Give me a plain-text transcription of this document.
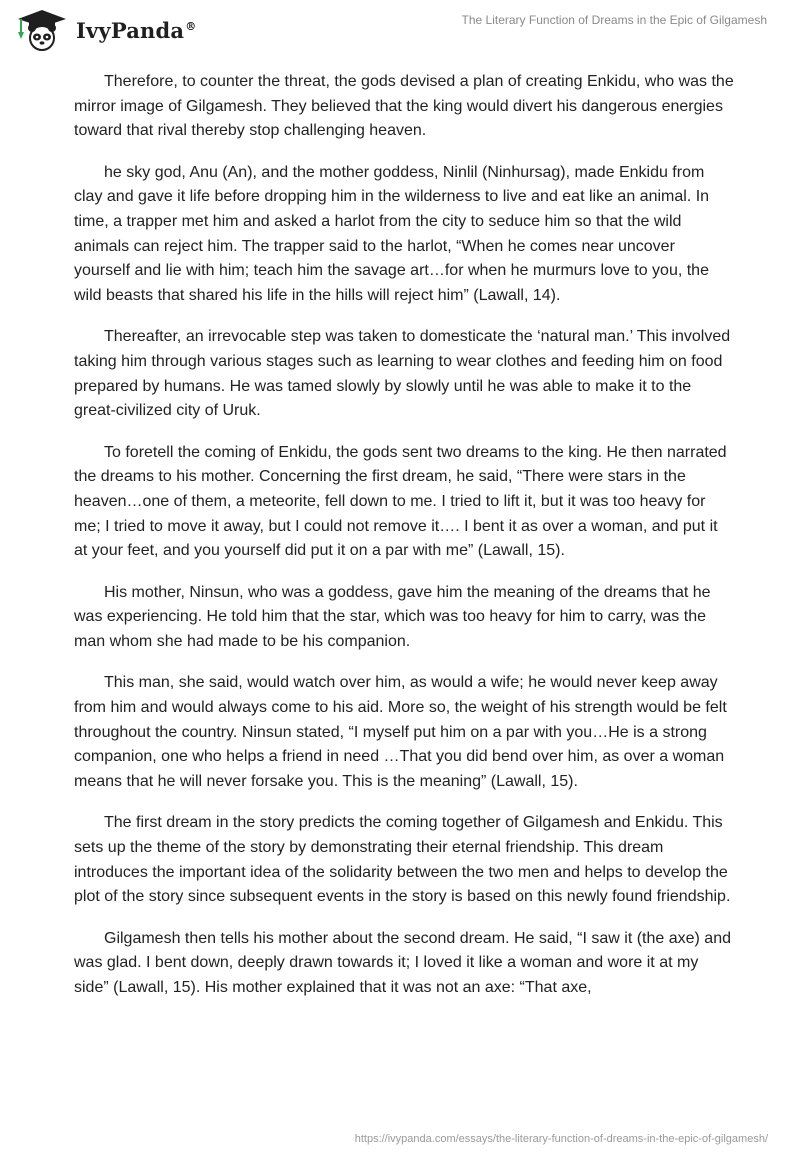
IvyPanda®	The Literary Function of Dreams in the Epic of Gilgamesh

Therefore, to counter the threat, the gods devised a plan of creating Enkidu, who was the mirror image of Gilgamesh. They believed that the king would divert his dangerous energies toward that rival thereby stop challenging heaven.

he sky god, Anu (An), and the mother goddess, Ninlil (Ninhursag), made Enkidu from clay and gave it life before dropping him in the wilderness to live and eat like an animal. In time, a trapper met him and asked a harlot from the city to seduce him so that the wild animals can reject him. The trapper said to the harlot, “When he comes near uncover yourself and lie with him; teach him the savage art…for when he murmurs love to you, the wild beasts that shared his life in the hills will reject him” (Lawall, 14).

Thereafter, an irrevocable step was taken to domesticate the ‘natural man.’ This involved taking him through various stages such as learning to wear clothes and feeding him on food prepared by humans. He was tamed slowly by slowly until he was able to make it to the great-civilized city of Uruk.

To foretell the coming of Enkidu, the gods sent two dreams to the king. He then narrated the dreams to his mother. Concerning the first dream, he said, “There were stars in the heaven…one of them, a meteorite, fell down to me. I tried to lift it, but it was too heavy for me; I tried to move it away, but I could not remove it…. I bent it as over a woman, and put it at your feet, and you yourself did put it on a par with me” (Lawall, 15).

His mother, Ninsun, who was a goddess, gave him the meaning of the dreams that he was experiencing. He told him that the star, which was too heavy for him to carry, was the man whom she had made to be his companion.

This man, she said, would watch over him, as would a wife; he would never keep away from him and would always come to his aid. More so, the weight of his strength would be felt throughout the country. Ninsun stated, “I myself put him on a par with you…He is a strong companion, one who helps a friend in need …That you did bend over him, as over a woman means that he will never forsake you. This is the meaning” (Lawall, 15).

The first dream in the story predicts the coming together of Gilgamesh and Enkidu. This sets up the theme of the story by demonstrating their eternal friendship. This dream introduces the important idea of the solidarity between the two men and helps to develop the plot of the story since subsequent events in the story is based on this newly found friendship.

Gilgamesh then tells his mother about the second dream. He said, “I saw it (the axe) and was glad. I bent down, deeply drawn towards it; I loved it like a woman and wore it at my side” (Lawall, 15). His mother explained that it was not an axe: “That axe,

https://ivypanda.com/essays/the-literary-function-of-dreams-in-the-epic-of-gilgamesh/
